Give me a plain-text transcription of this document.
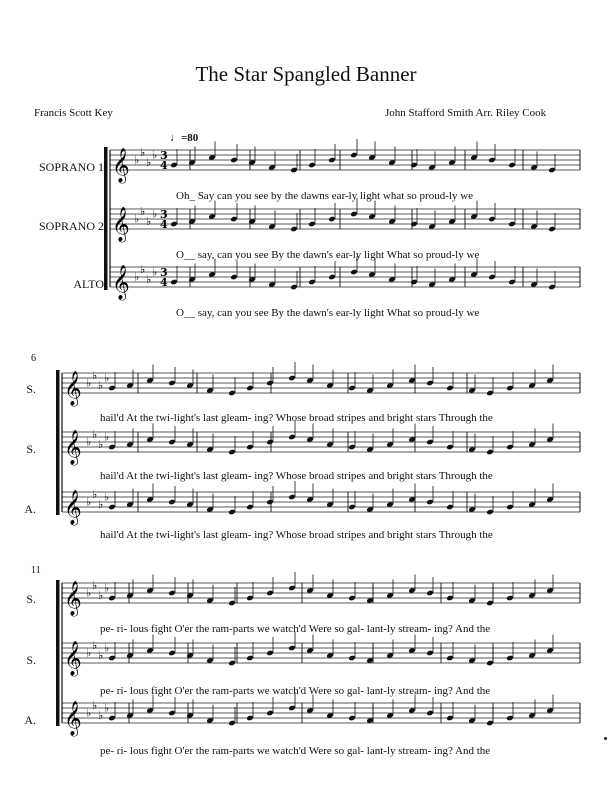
𝄞 ♭
♭
♭
♭ 3
4
𝄞 ♭
♭
♭
♭ 3
4
𝄞 ♭
♭
♭
♭ 3
4
𝄞 ♭
♭
♭
♭
𝄞 ♭
♭
♭
♭
𝄞 ♭
♭
♭
♭
𝄞 ♭
♭
♭
♭
𝄞 ♭
♭
♭
♭
𝄞 ♭
♭
♭
♭
The Star Spangled Banner
Francis Scott Key	John Stafford Smith Arr. Riley Cook
♩=80
SOPRANO 1
SOPRANO 2
ALTO
Oh_ Say can you see by the dawns ear-ly light what so proud-ly we
O__ say, can you see By the dawn's ear-ly light What so proud-ly we
O__ say, can you see By the dawn's ear-ly light What so proud-ly we
6
S.
S.
A.
hail'd At the twi-light's last gleam- ing? Whose broad stripes and bright stars Through the
hail'd At the twi-light's last gleam- ing? Whose broad stripes and bright stars Through the
hail'd At the twi-light's last gleam- ing? Whose broad stripes and bright stars Through the
11
S.
S.
A.
pe- ri- lous fight O'er the ram-parts we watch'd Were so gal- lant-ly stream- ing? And the
pe- ri- lous fight O'er the ram-parts we watch'd Were so gal- lant-ly stream- ing? And the
pe- ri- lous fight O'er the ram-parts we watch'd Were so gal- lant-ly stream- ing? And the
